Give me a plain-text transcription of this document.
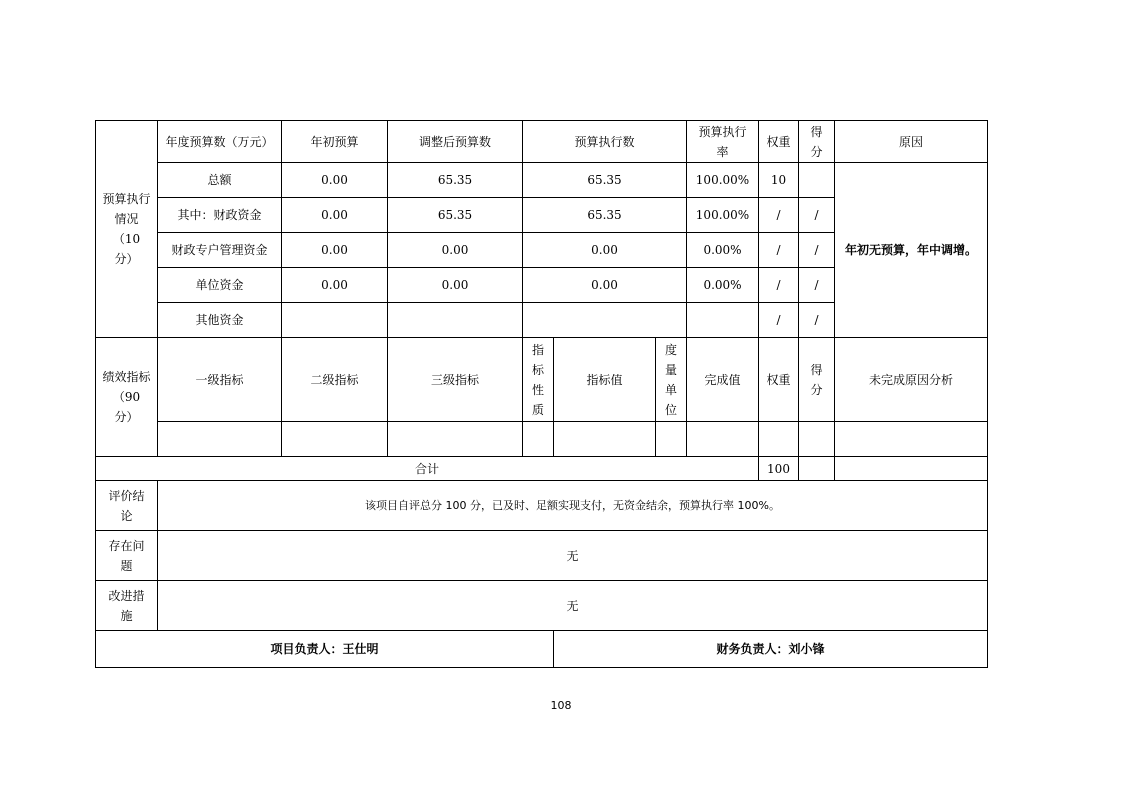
预算执行情况（10 分）	年度预算数（万元）	年初预算	调整后预算数	预算执行数			预算执行率	权重	得分	原因
	总额	0.00	65.35	65.35			100.00%	10		年初无预算，年中调增。
	其中：财政资金	0.00	65.35	65.35			100.00%	/	/	
	财政专户管理资金	0.00	0.00	0.00			0.00%	/	/	
	单位资金	0.00	0.00	0.00			0.00%	/	/	
	其他资金							/	/	
绩效指标（90 分）	一级指标	二级指标	三级指标	指标性质	指标值	度量单位	完成值	权重	得分	未完成原因分析

合计								100		
评价结论	该项目自评总分 100 分，已及时、足额实现支付，无资金结余，预算执行率 100%。									
存在问题	无									
改进措施	无									
项目负责人：王仕明					财务负责人：刘小锋					
108
